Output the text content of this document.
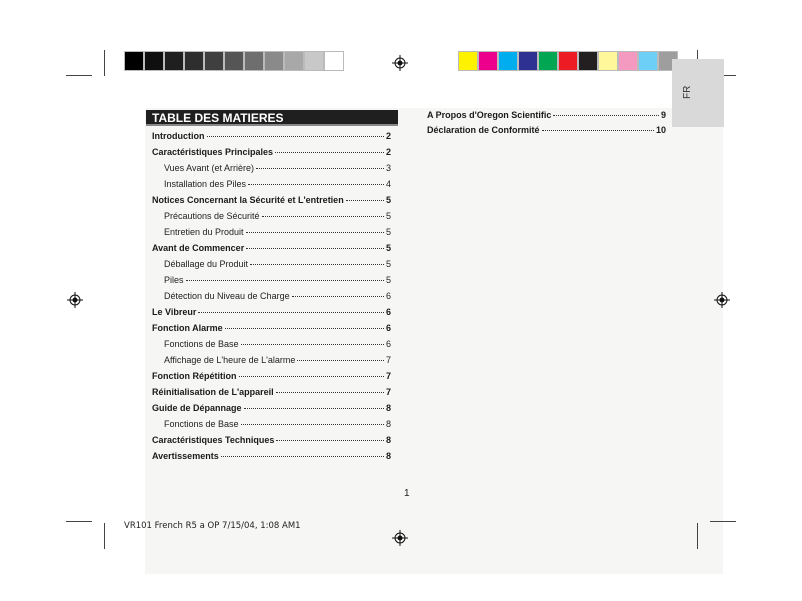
FR
TABLE DES MATIERES
Introduction	2
Caractéristiques Principales	2
Vues Avant (et Arrière)	3
Installation des Piles	4
Notices Concernant la Sécurité et L'entretien	5
Précautions de Sécurité	5
Entretien du Produit	5
Avant de Commencer	5
Déballage du Produit	5
Piles	5
Détection du Niveau de Charge	6
Le Vibreur	6
Fonction Alarme	6
Fonctions de Base	6
Affichage de L'heure de L'alarme	7
Fonction Répétition	7
Réinitialisation de L'appareil	7
Guide de Dépannage	8
Fonctions de Base	8
Caractéristiques Techniques	8
Avertissements	8
A Propos d'Oregon Scientific	9
Déclaration de Conformité	10
1
VR101 French R5 a OP 7/15/04, 1:08 AM1
